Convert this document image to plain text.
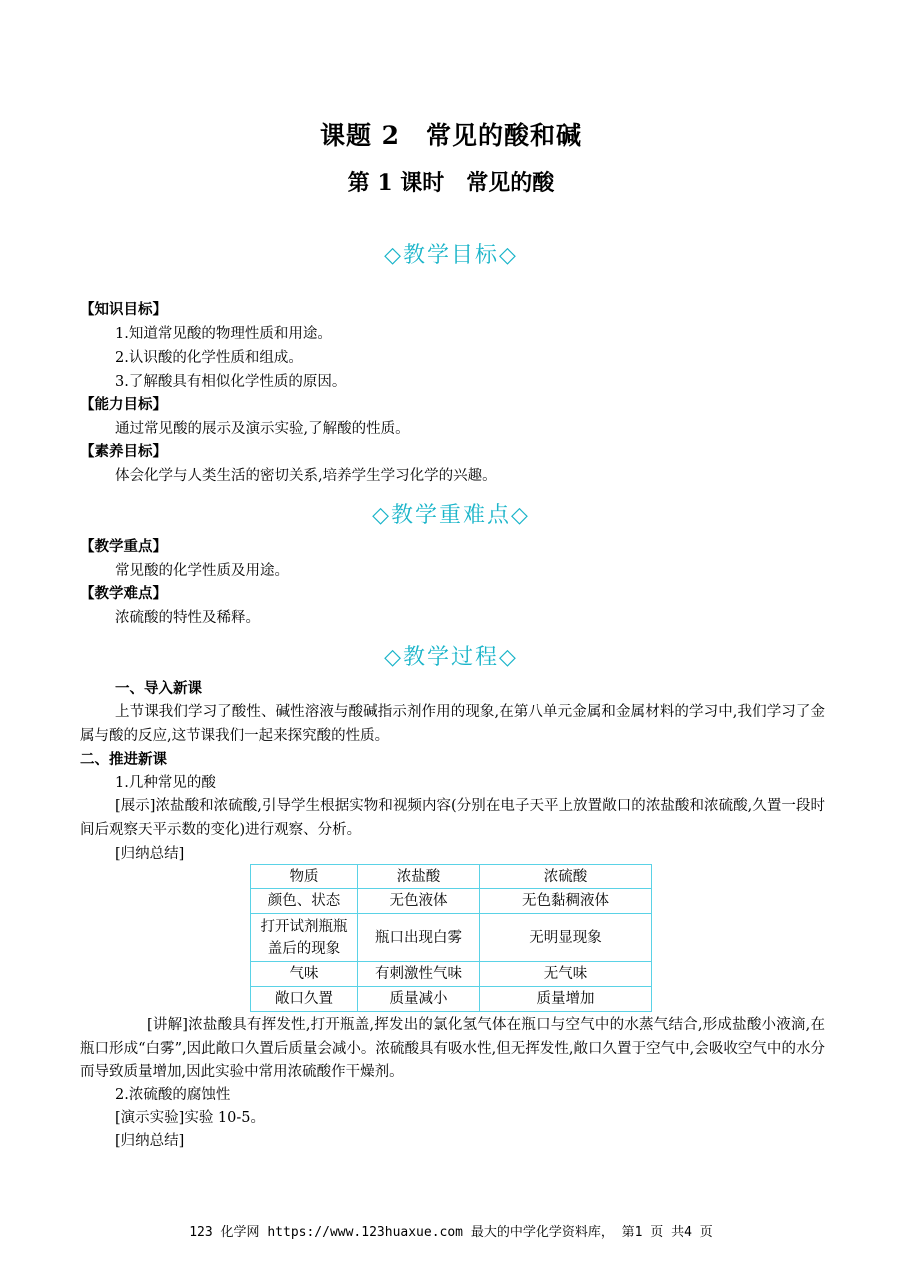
课题 2　常见的酸和碱
第 1 课时　常见的酸
◇教学目标◇
【知识目标】
1.知道常见酸的物理性质和用途。
2.认识酸的化学性质和组成。
3.了解酸具有相似化学性质的原因。
【能力目标】
通过常见酸的展示及演示实验,了解酸的性质。
【素养目标】
体会化学与人类生活的密切关系,培养学生学习化学的兴趣。
◇教学重难点◇
【教学重点】
常见酸的化学性质及用途。
【教学难点】
浓硫酸的特性及稀释。
◇教学过程◇
一、导入新课
上节课我们学习了酸性、碱性溶液与酸碱指示剂作用的现象,在第八单元金属和金属材料的学习中,我们学习了金属与酸的反应,这节课我们一起来探究酸的性质。
二、推进新课
1.几种常见的酸
[展示]浓盐酸和浓硫酸,引导学生根据实物和视频内容(分别在电子天平上放置敞口的浓盐酸和浓硫酸,久置一段时间后观察天平示数的变化)进行观察、分析。
[归纳总结]
物质	浓盐酸	浓硫酸
颜色、状态	无色液体	无色黏稠液体
打开试剂瓶瓶盖后的现象	瓶口出现白雾	无明显现象
气味	有刺激性气味	无气味
敞口久置	质量减小	质量增加
[讲解]浓盐酸具有挥发性,打开瓶盖,挥发出的氯化氢气体在瓶口与空气中的水蒸气结合,形成盐酸小液滴,在瓶口形成“白雾”,因此敞口久置后质量会减小。浓硫酸具有吸水性,但无挥发性,敞口久置于空气中,会吸收空气中的水分而导致质量增加,因此实验中常用浓硫酸作干燥剂。
2.浓硫酸的腐蚀性
[演示实验]实验 10-5。
[归纳总结]
123 化学网 https://www.123huaxue.com 最大的中学化学资料库， 第1 页 共4 页
